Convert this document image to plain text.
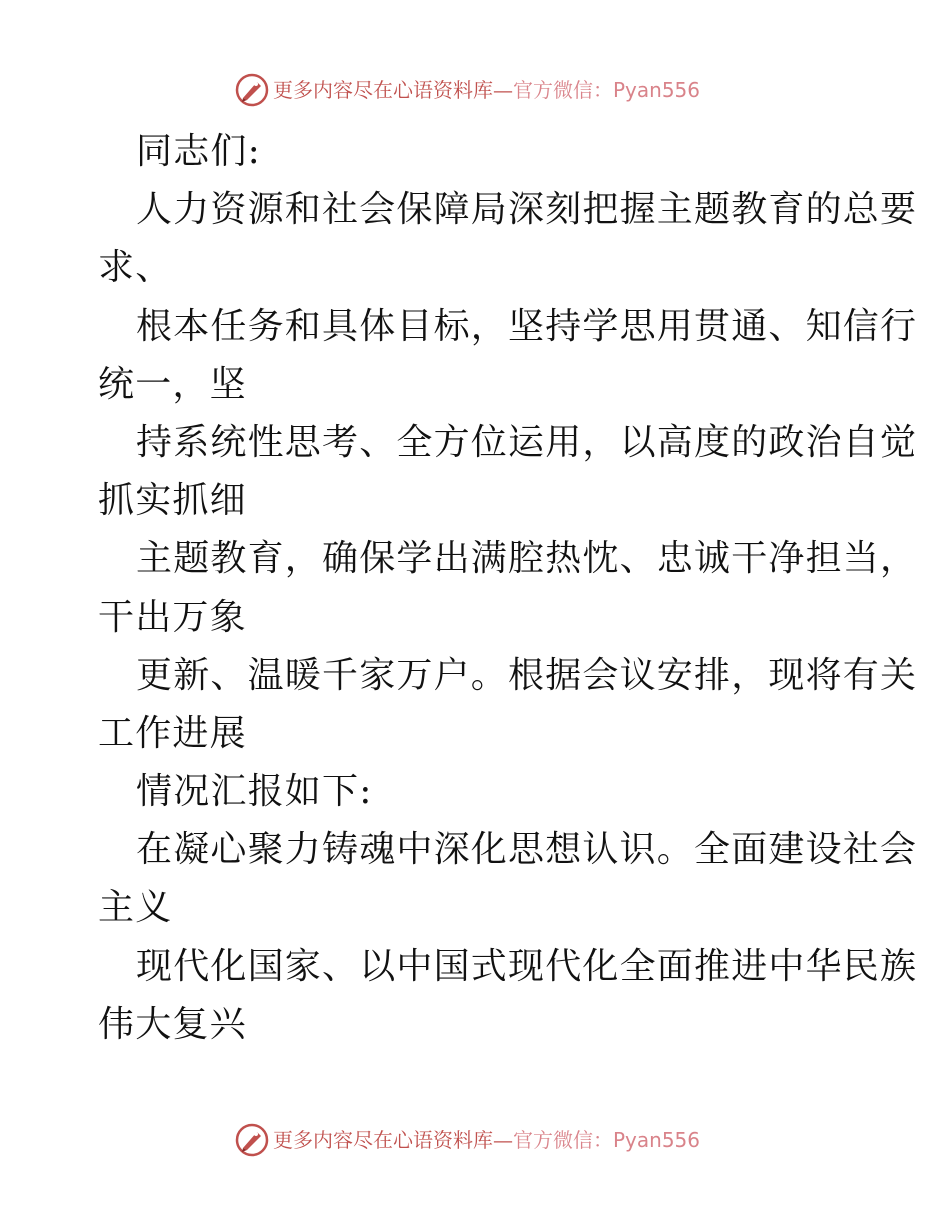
更多内容尽在心语资料库—官方微信：Pyan556
同志们:
人力资源和社会保障局深刻把握主题教育的总要
求、
根本任务和具体目标，坚持学思用贯通、知信行
统一，坚
持系统性思考、全方位运用，以高度的政治自觉
抓实抓细
主题教育，确保学出满腔热忱、忠诚干净担当，
干出万象
更新、温暖千家万户。根据会议安排，现将有关
工作进展
情况汇报如下:
在凝心聚力铸魂中深化思想认识。全面建设社会
主义
现代化国家、以中国式现代化全面推进中华民族
伟大复兴
更多内容尽在心语资料库—官方微信：Pyan556
